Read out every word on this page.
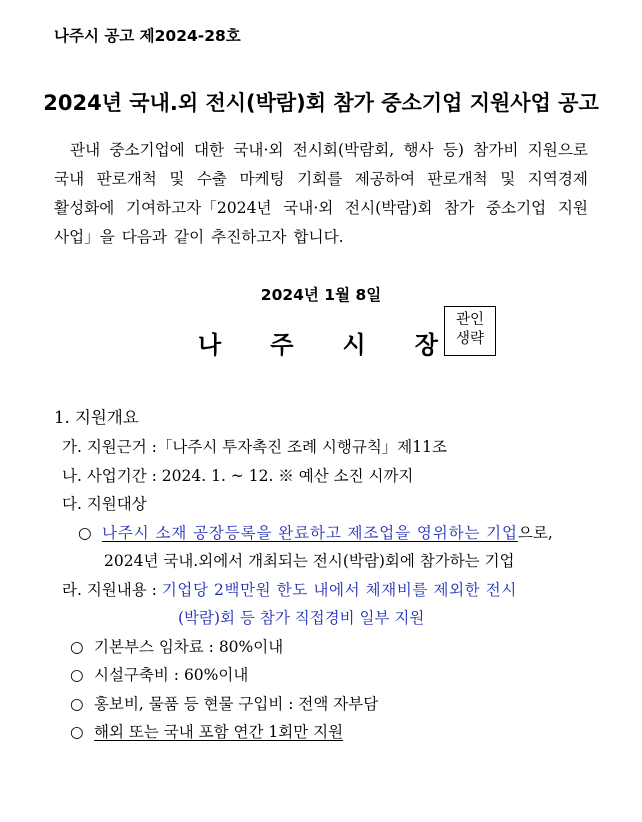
나주시 공고 제2024-28호
2024년 국내.외 전시(박람)회 참가 중소기업 지원사업 공고
관내 중소기업에 대한 국내·외 전시회(박람회, 행사 등) 참가비 지원으로
국내 판로개척 및 수출 마케팅 기회를 제공하여 판로개척 및 지역경제
활성화에 기여하고자「2024년 국내·외 전시(박람)회 참가 중소기업 지원
사업」을 다음과 같이 추진하고자 합니다.
2024년 1월 8일
나 주 시 장
관인
생략
1. 지원개요
가. 지원근거 :「나주시 투자촉진 조례 시행규칙」제11조
나. 사업기간 : 2024. 1. ~ 12. ※ 예산 소진 시까지
다. 지원대상
○ 나주시 소재 공장등록을 완료하고 제조업을 영위하는 기업으로,
2024년 국내.외에서 개최되는 전시(박람)회에 참가하는 기업
라. 지원내용 : 기업당 2백만원 한도 내에서 체재비를 제외한 전시
(박람)회 등 참가 직접경비 일부 지원
○ 기본부스 임차료 : 80%이내
○ 시설구축비 : 60%이내
○ 홍보비, 물품 등 현물 구입비 : 전액 자부담
○ 해외 또는 국내 포함 연간 1회만 지원
